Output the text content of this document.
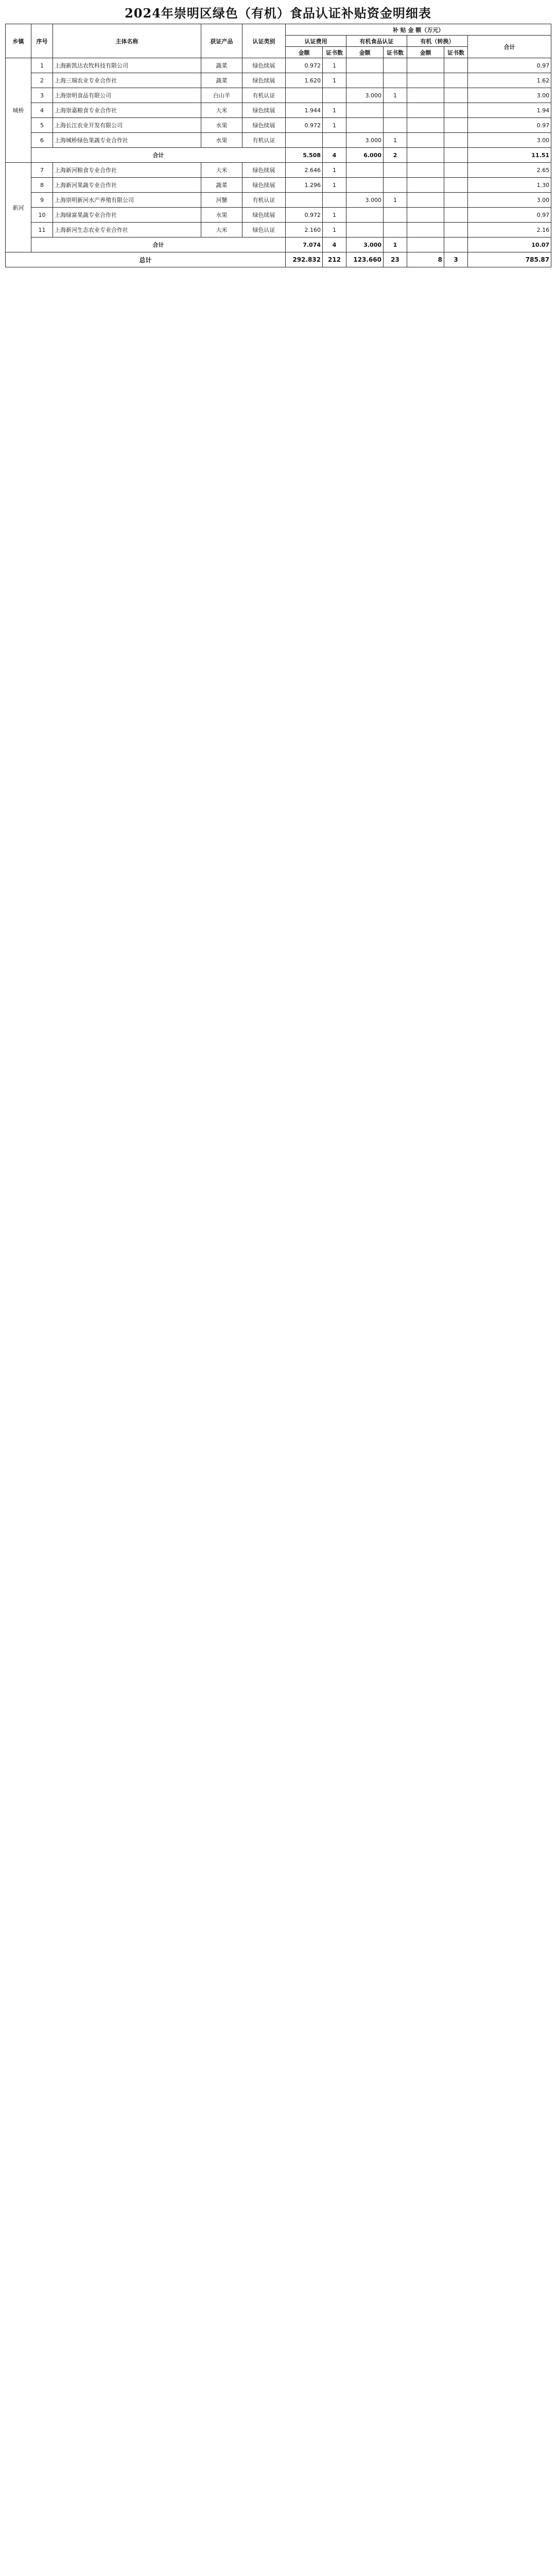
2024年崇明区绿色（有机）食品认证补贴资金明细表
乡镇	序号	主体名称	获证产品	认证类别	补 贴 金 额（万元）						
					认证费用		有机食品认证		有机（转换）		合计
					金额	证书数	金额	证书数	金额	证书数	
城桥	1	上海新凯达农牧科技有限公司	蔬菜	绿色续展	0.972	1					0.97
	2	上海三瑞农业专业合作社	蔬菜	绿色续展	1.620	1					1.62
	3	上海崇明食品有限公司	白山羊	有机认证			3.000	1			3.00
	4	上海崇嘉粮食专业合作社	大米	绿色续展	1.944	1					1.94
	5	上海长江农业开发有限公司	水果	绿色续展	0.972	1					0.97
	6	上海城桥绿色果蔬专业合作社	水果	有机认证			3.000	1			3.00
	合计				5.508	4	6.000	2			11.51
新河	7	上海新河粮食专业合作社	大米	绿色续展	2.646	1					2.65
	8	上海新河果蔬专业合作社	蔬菜	绿色续展	1.296	1					1.30
	9	上海崇明新河水产养殖有限公司	河蟹	有机认证			3.000	1			3.00
	10	上海绿富果蔬专业合作社	水果	绿色续展	0.972	1					0.97
	11	上海新河生态农业专业合作社	大米	绿色认证	2.160	1					2.16
	合计				7.074	4	3.000	1			10.07
总计					292.832	212	123.660	23	8	3	785.87
